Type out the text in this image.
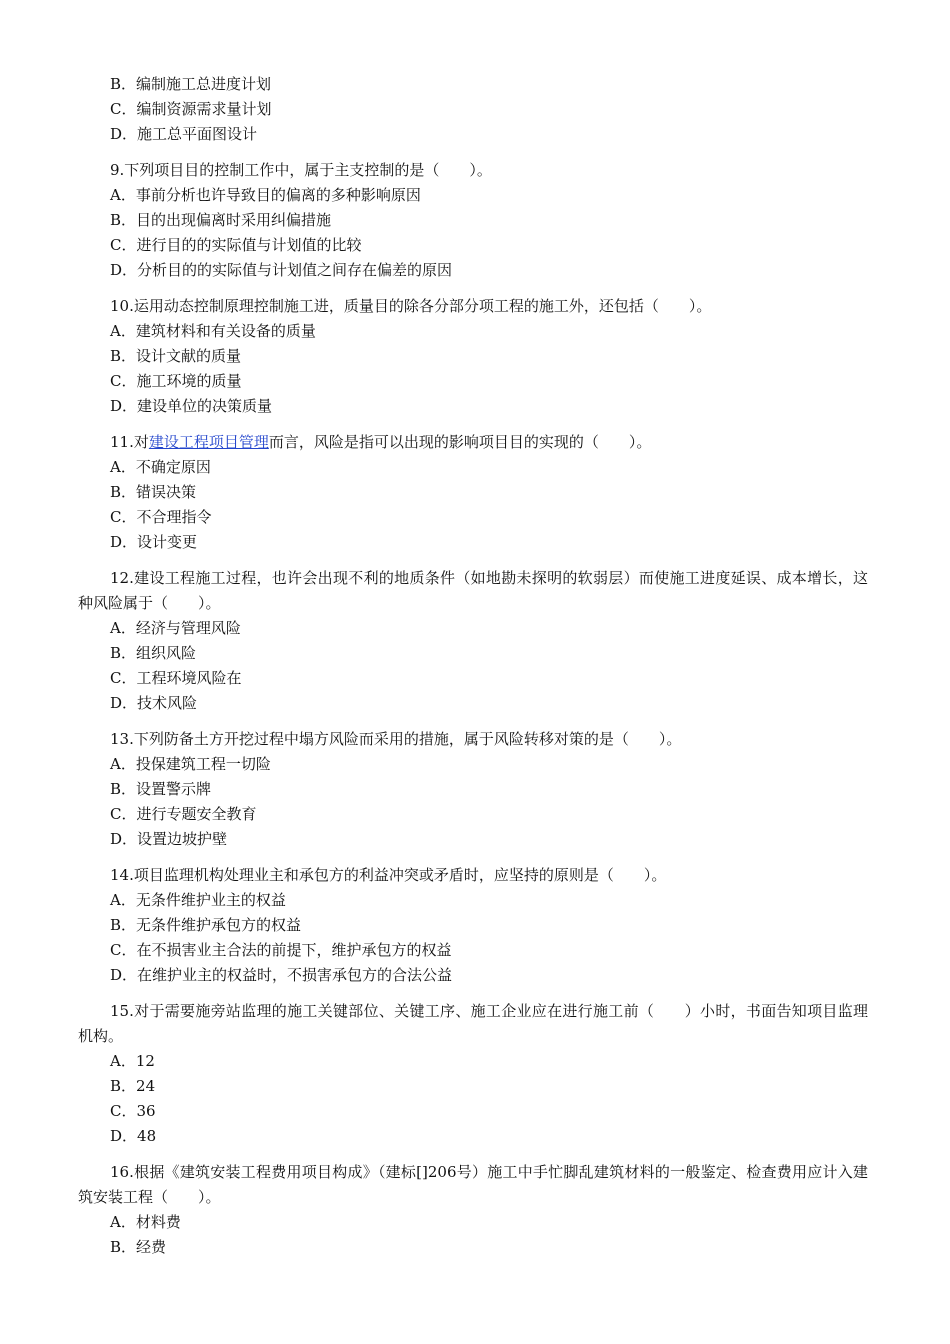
B．编制施工总进度计划
C．编制资源需求量计划
D．施工总平面图设计
9.下列项目目的控制工作中，属于主支控制的是（　　）。
A．事前分析也许导致目的偏离的多种影响原因
B．目的出现偏离时采用纠偏措施
C．进行目的的实际值与计划值的比较
D．分析目的的实际值与计划值之间存在偏差的原因
10.运用动态控制原理控制施工进，质量目的除各分部分项工程的施工外，还包括（　　）。
A．建筑材料和有关设备的质量
B．设计文献的质量
C．施工环境的质量
D．建设单位的决策质量
11.对建设工程项目管理而言，风险是指可以出现的影响项目目的实现的（　　）。
A．不确定原因
B．错误决策
C．不合理指令
D．设计变更
12.建设工程施工过程，也许会出现不利的地质条件（如地勘未探明的软弱层）而使施工进度延误、成本增长，这种风险属于（　　）。
A．经济与管理风险
B．组织风险
C．工程环境风险在
D．技术风险
13.下列防备土方开挖过程中塌方风险而采用的措施，属于风险转移对策的是（　　）。
A．投保建筑工程一切险
B．设置警示牌
C．进行专题安全教育
D．设置边坡护壁
14.项目监理机构处理业主和承包方的利益冲突或矛盾时，应坚持的原则是（　　）。
A．无条件维护业主的权益
B．无条件维护承包方的权益
C．在不损害业主合法的前提下，维护承包方的权益
D．在维护业主的权益时，不损害承包方的合法公益
15.对于需要施旁站监理的施工关键部位、关键工序、施工企业应在进行施工前（　　）小时，书面告知项目监理机构。
A．12
B．24
C．36
D．48
16.根据《建筑安装工程费用项目构成》（建标[]206号）施工中手忙脚乱建筑材料的一般鉴定、检查费用应计入建筑安装工程（　　）。
A．材料费
B．经费
